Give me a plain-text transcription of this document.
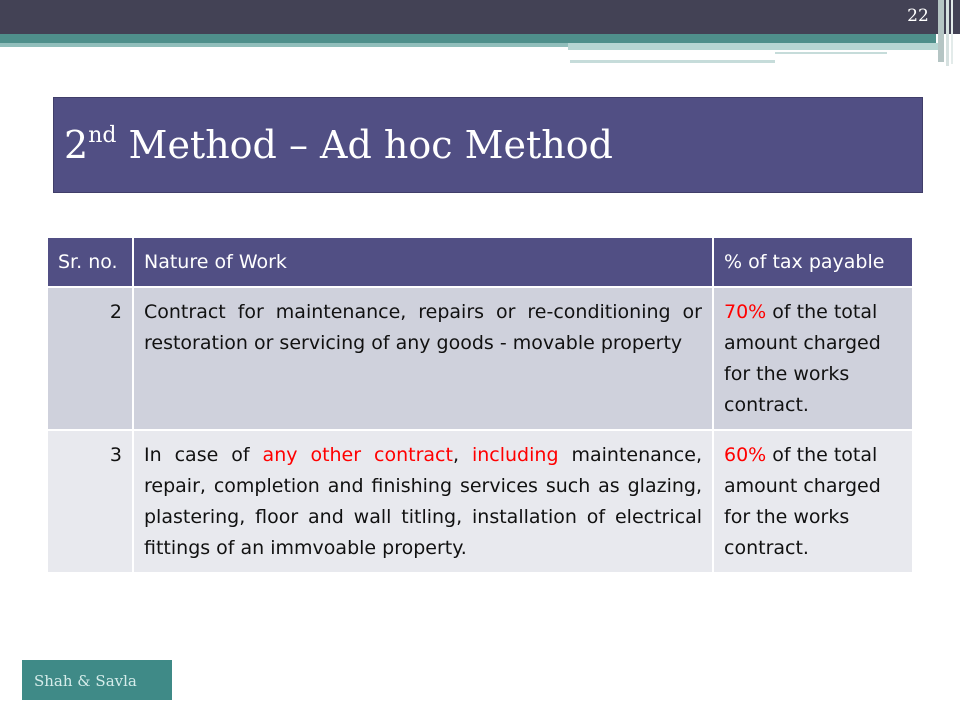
22
2nd Method – Ad hoc Method
Shah & Savla
Sr. no.	Nature of Work	% of tax payable
2	Contract for maintenance, repairs or re-conditioning or restoration or servicing of any goods - movable property	70% of the total amount charged for the works contract.
3	In case of any other contract, including maintenance, repair, completion and finishing services such as glazing, plastering, floor and wall titling, installation of electrical fittings of an immvoable property.	60% of the total amount charged for the works contract.
